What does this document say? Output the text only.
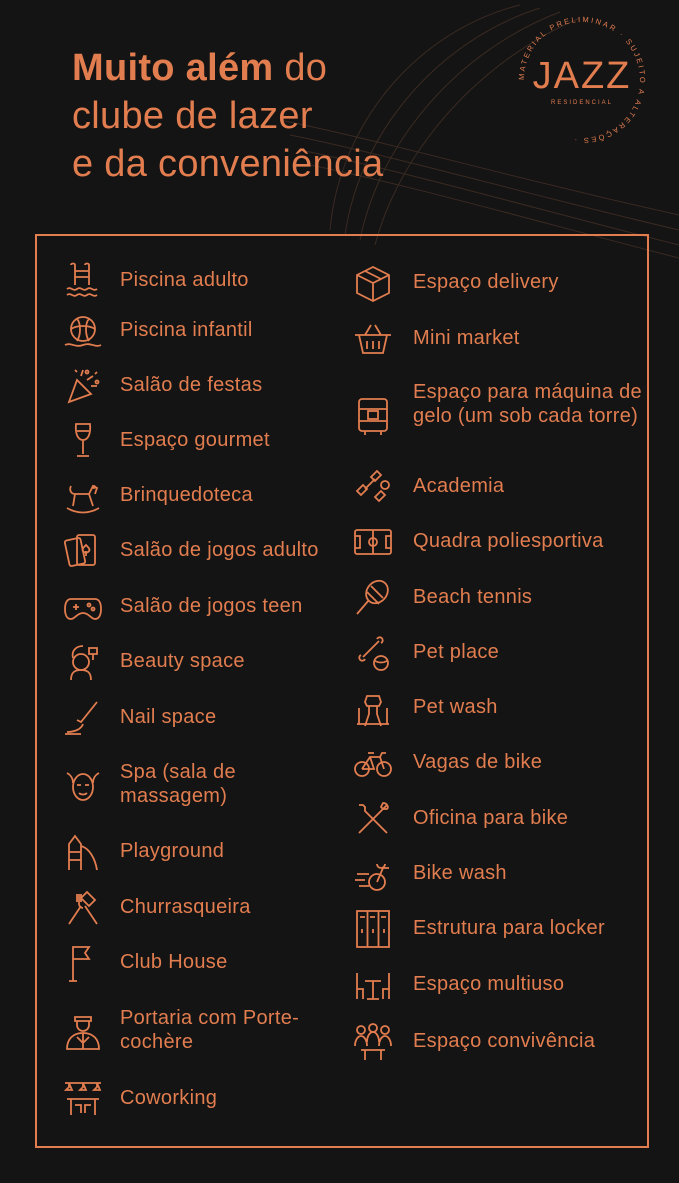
Muito além do
clube de lazer
e da conveniência
MATERIAL PRELIMINAR · SUJEITO A ALTERAÇÕES ·
JAZZ
RESIDENCIAL
Piscina adulto
Piscina infantil
Salão de festas
Espaço gourmet
Brinquedoteca
Salão de jogos adulto
Salão de jogos teen
Beauty space
Nail space
Spa (sala de massagem)
Playground
Churrasqueira
Club House
Portaria com Porte-cochère
Coworking
Espaço delivery
Mini market
Espaço para máquina de gelo (um sob cada torre)
Academia
Quadra poliesportiva
Beach tennis
Pet place
Pet wash
Vagas de bike
Oficina para bike
Bike wash
Estrutura para locker
Espaço multiuso
Espaço convivência
